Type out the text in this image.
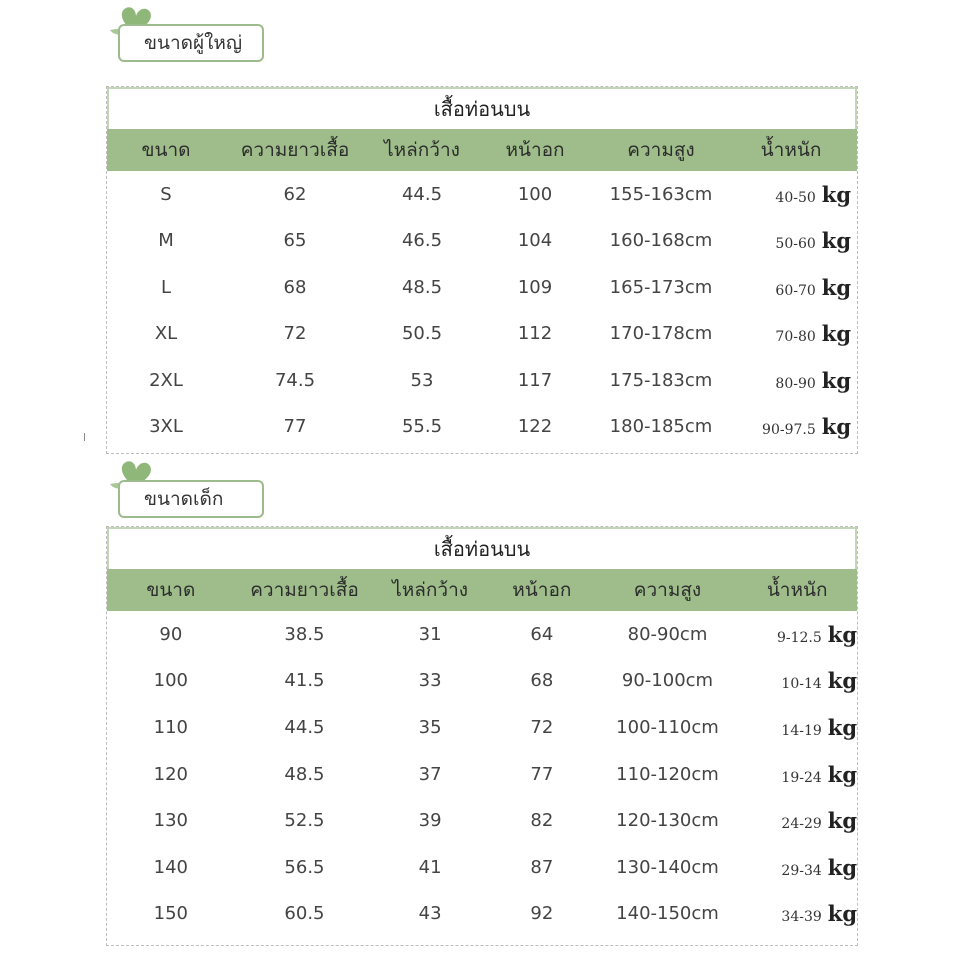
ขนาดผู้ใหญ่
เสื้อท่อนบน
ขนาด	ความยาวเสื้อ	ไหล่กว้าง	หน้าอก	ความสูง	น้ำหนัก
S	62	44.5	100	155-163cm	40-50 kg
M	65	46.5	104	160-168cm	50-60 kg
L	68	48.5	109	165-173cm	60-70 kg
XL	72	50.5	112	170-178cm	70-80 kg
2XL	74.5	53	117	175-183cm	80-90 kg
3XL	77	55.5	122	180-185cm	90-97.5 kg
ขนาดเด็ก
เสื้อท่อนบน
ขนาด	ความยาวเสื้อ	ไหล่กว้าง	หน้าอก	ความสูง	น้ำหนัก
90	38.5	31	64	80-90cm	9-12.5 kg
100	41.5	33	68	90-100cm	10-14 kg
110	44.5	35	72	100-110cm	14-19 kg
120	48.5	37	77	110-120cm	19-24 kg
130	52.5	39	82	120-130cm	24-29 kg
140	56.5	41	87	130-140cm	29-34 kg
150	60.5	43	92	140-150cm	34-39 kg
